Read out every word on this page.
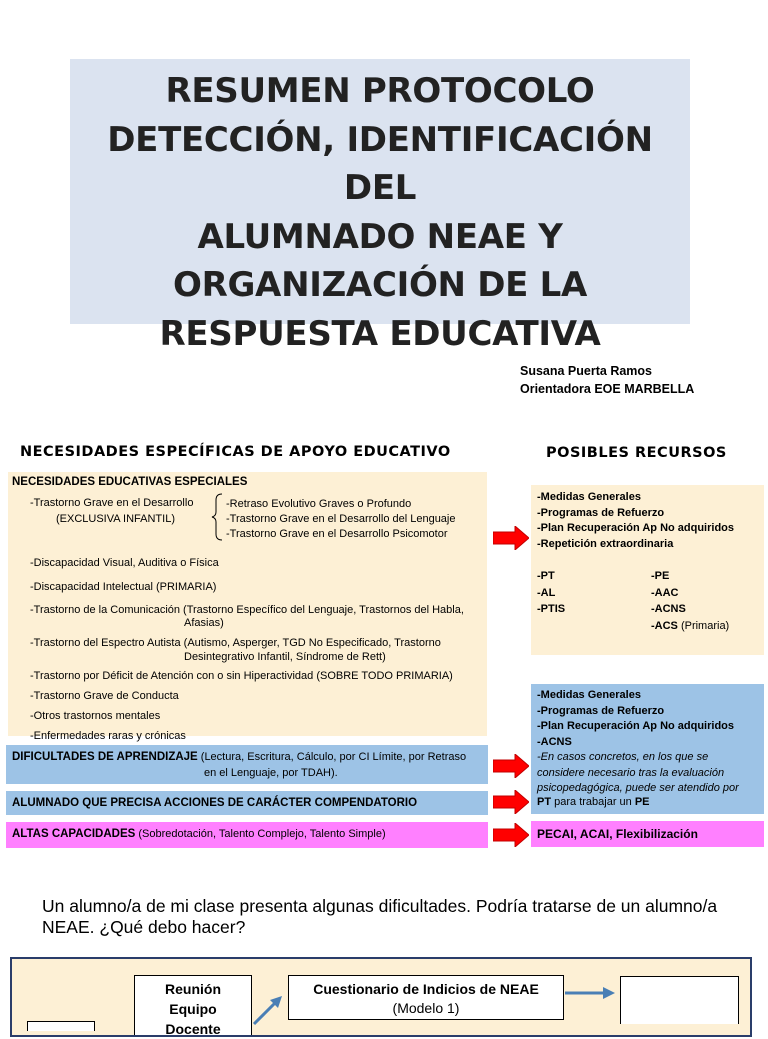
RESUMEN PROTOCOLO
DETECCIÓN, IDENTIFICACIÓN DEL
ALUMNADO NEAE Y
ORGANIZACIÓN DE LA
RESPUESTA EDUCATIVA
Susana Puerta Ramos
Orientadora EOE MARBELLA
NECESIDADES ESPECÍFICAS DE APOYO EDUCATIVO	POSIBLES RECURSOS
NECESIDADES EDUCATIVAS ESPECIALES
-Trastorno Grave en el Desarrollo
(EXCLUSIVA INFANTIL)
-Retraso Evolutivo Graves o Profundo
-Trastorno Grave en el Desarrollo del Lenguaje
-Trastorno Grave en el Desarrollo Psicomotor
-Discapacidad Visual, Auditiva o Física
-Discapacidad Intelectual (PRIMARIA)
-Trastorno de la Comunicación (Trastorno Específico del Lenguaje, Trastornos del Habla,
Afasias)
-Trastorno del Espectro Autista (Autismo, Asperger, TGD No Especificado, Trastorno
Desintegrativo Infantil, Síndrome de Rett)
-Trastorno por Déficit de Atención con o sin Hiperactividad (SOBRE TODO PRIMARIA)
-Trastorno Grave de Conducta
-Otros trastornos mentales
-Enfermedades raras y crónicas
DIFICULTADES DE APRENDIZAJE (Lectura, Escritura, Cálculo, por CI Límite, por Retraso
en el Lenguaje, por TDAH).
ALUMNADO QUE PRECISA ACCIONES DE CARÁCTER COMPENDATORIO
ALTAS CAPACIDADES (Sobredotación, Talento Complejo, Talento Simple)
-Medidas Generales
-Programas de Refuerzo
-Plan Recuperación Ap No adquiridos
-Repetición extraordinaria
-PT
-AL
-PTIS
-PE
-AAC
-ACNS
-ACS (Primaria)
-Medidas Generales
-Programas de Refuerzo
-Plan Recuperación Ap No adquiridos
-ACNS
-En casos concretos, en los que se
considere necesario tras la evaluación
psicopedagógica, puede ser atendido por
PT para trabajar un PE
PECAI, ACAI, Flexibilización
Un alumno/a de mi clase presenta algunas dificultades. Podría tratarse de un alumno/a
NEAE. ¿Qué debo hacer?
Reunión
Equipo
Docente
Cuestionario de Indicios de NEAE
(Modelo 1)
